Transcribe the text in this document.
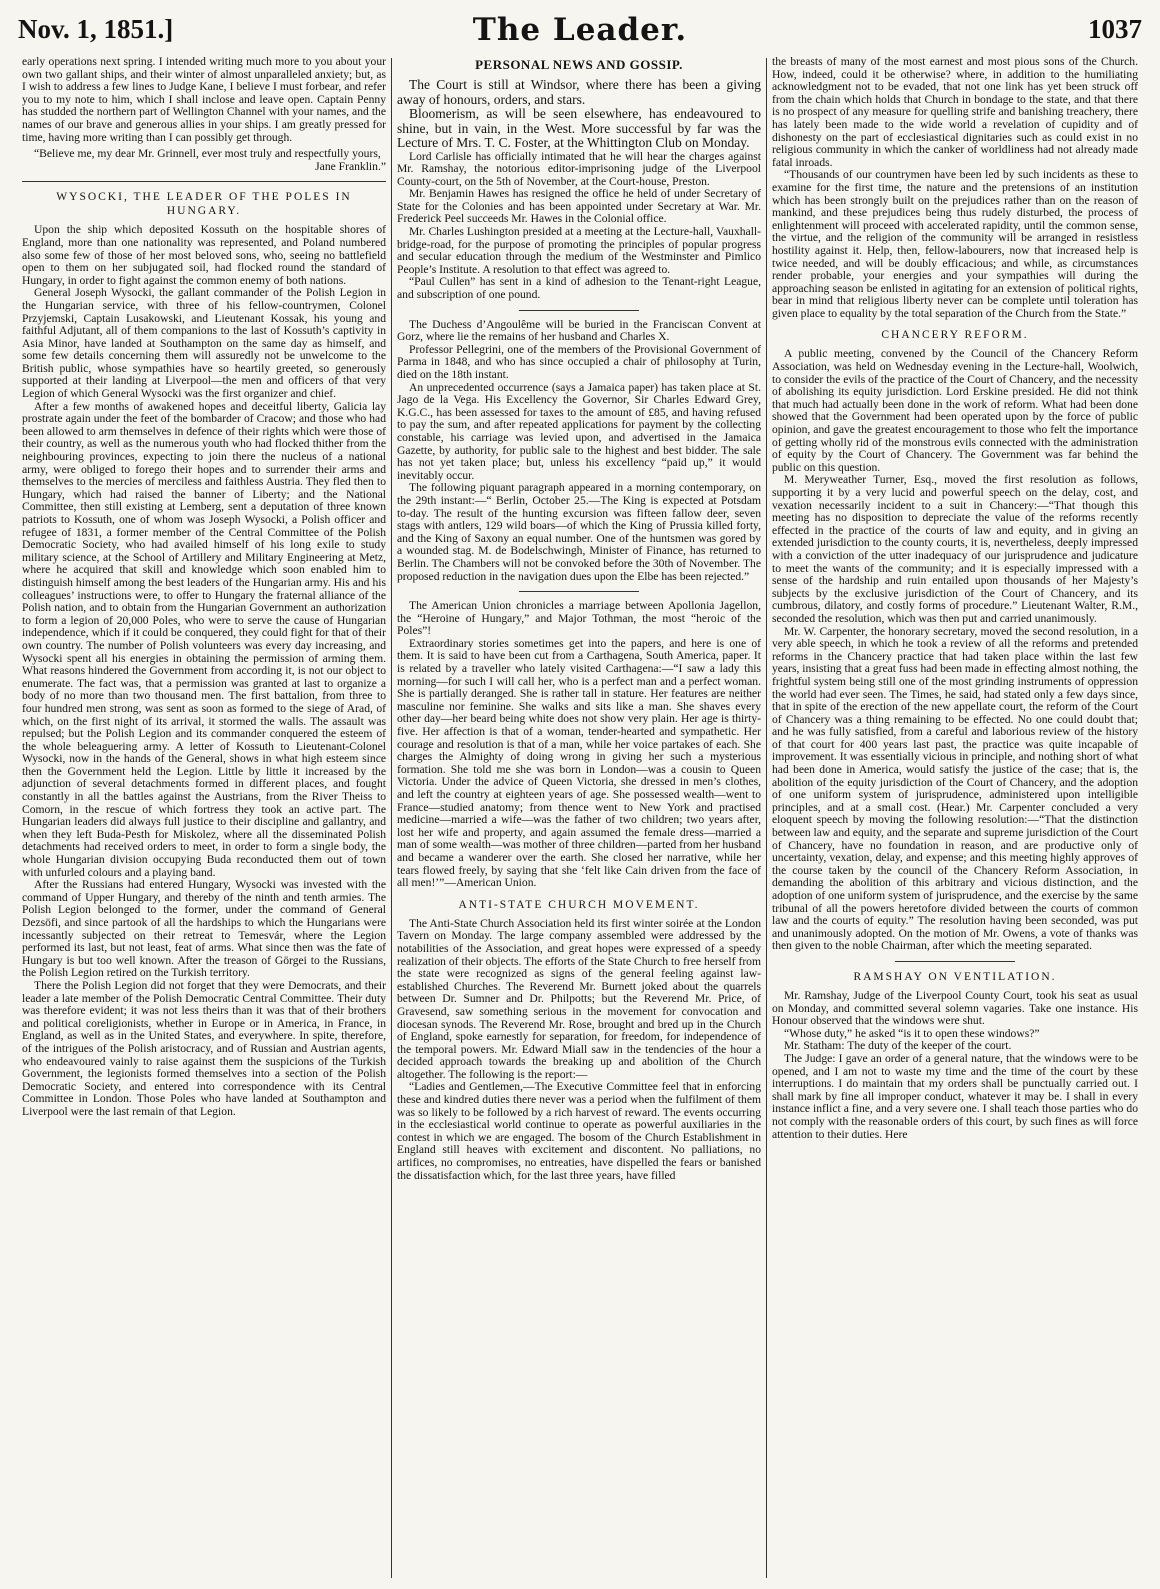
Nov. 1, 1851.]	The Leader.	1037

early operations next spring. I intended writing much more to you about your own two gallant ships, and their winter of almost unparalleled anxiety; but, as I wish to address a few lines to Judge Kane, I believe I must forbear, and refer you to my note to him, which I shall inclose and leave open. Captain Penny has studded the northern part of Wellington Channel with your names, and the names of our brave and generous allies in your ships. I am greatly pressed for time, having more writing than I can possibly get through.

“Believe me, my dear Mr. Grinnell, ever most truly and respectfully yours,

Jane Franklin.”

WYSOCKI, THE LEADER OF THE POLES IN HUNGARY.

Upon the ship which deposited Kossuth on the hospitable shores of England, more than one nationality was represented, and Poland numbered also some few of those of her most beloved sons, who, seeing no battlefield open to them on her subjugated soil, had flocked round the standard of Hungary, in order to fight against the common enemy of both nations.

General Joseph Wysocki, the gallant commander of the Polish Legion in the Hungarian service, with three of his fellow-countrymen, Colonel Przyjemski, Captain Lusakowski, and Lieutenant Kossak, his young and faithful Adjutant, all of them companions to the last of Kossuth’s captivity in Asia Minor, have landed at Southampton on the same day as himself, and some few details concerning them will assuredly not be unwelcome to the British public, whose sympathies have so heartily greeted, so generously supported at their landing at Liverpool—the men and officers of that very Legion of which General Wysocki was the first organizer and chief.

After a few months of awakened hopes and deceitful liberty, Galicia lay prostrate again under the feet of the bombarder of Cracow; and those who had been allowed to arm themselves in defence of their rights which were those of their country, as well as the numerous youth who had flocked thither from the neighbouring provinces, expecting to join there the nucleus of a national army, were obliged to forego their hopes and to surrender their arms and themselves to the mercies of merciless and faithless Austria. They fled then to Hungary, which had raised the banner of Liberty; and the National Committee, then still existing at Lemberg, sent a deputation of three known patriots to Kossuth, one of whom was Joseph Wysocki, a Polish officer and refugee of 1831, a former member of the Central Committee of the Polish Democratic Society, who had availed himself of his long exile to study military science, at the School of Artillery and Military Engineering at Metz, where he acquired that skill and knowledge which soon enabled him to distinguish himself among the best leaders of the Hungarian army. His and his colleagues’ instructions were, to offer to Hungary the fraternal alliance of the Polish nation, and to obtain from the Hungarian Government an authorization to form a legion of 20,000 Poles, who were to serve the cause of Hungarian independence, which if it could be conquered, they could fight for that of their own country. The number of Polish volunteers was every day increasing, and Wysocki spent all his energies in obtaining the permission of arming them. What reasons hindered the Government from according it, is not our object to enumerate. The fact was, that a permission was granted at last to organize a body of no more than two thousand men. The first battalion, from three to four hundred men strong, was sent as soon as formed to the siege of Arad, of which, on the first night of its arrival, it stormed the walls. The assault was repulsed; but the Polish Legion and its commander conquered the esteem of the whole beleaguering army. A letter of Kossuth to Lieutenant-Colonel Wysocki, now in the hands of the General, shows in what high esteem since then the Government held the Legion. Little by little it increased by the adjunction of several detachments formed in different places, and fought constantly in all the battles against the Austrians, from the River Theiss to Comorn, in the rescue of which fortress they took an active part. The Hungarian leaders did always full justice to their discipline and gallantry, and when they left Buda-Pesth for Miskolez, where all the disseminated Polish detachments had received orders to meet, in order to form a single body, the whole Hungarian division occupying Buda reconducted them out of town with unfurled colours and a playing band.

After the Russians had entered Hungary, Wysocki was invested with the command of Upper Hungary, and thereby of the ninth and tenth armies. The Polish Legion belonged to the former, under the command of General Dezsöfi, and since partook of all the hardships to which the Hungarians were incessantly subjected on their retreat to Temesvár, where the Legion performed its last, but not least, feat of arms. What since then was the fate of Hungary is but too well known. After the treason of Görgei to the Russians, the Polish Legion retired on the Turkish territory.

There the Polish Legion did not forget that they were Democrats, and their leader a late member of the Polish Democratic Central Committee. Their duty was therefore evident; it was not less theirs than it was that of their brothers and political coreligionists, whether in Europe or in America, in France, in England, as well as in the United States, and everywhere. In spite, therefore, of the intrigues of the Polish aristocracy, and of Russian and Austrian agents, who endeavoured vainly to raise against them the suspicions of the Turkish Government, the legionists formed themselves into a section of the Polish Democratic Society, and entered into correspondence with its Central Committee in London. Those Poles who have landed at Southampton and Liverpool were the last remain of that Legion.

PERSONAL NEWS AND GOSSIP.

The Court is still at Windsor, where there has been a giving away of honours, orders, and stars.

Bloomerism, as will be seen elsewhere, has endeavoured to shine, but in vain, in the West. More successful by far was the Lecture of Mrs. T. C. Foster, at the Whittington Club on Monday.

Lord Carlisle has officially intimated that he will hear the charges against Mr. Ramshay, the notorious editor-imprisoning judge of the Liverpool County-court, on the 5th of November, at the Court-house, Preston.

Mr. Benjamin Hawes has resigned the office he held of under Secretary of State for the Colonies and has been appointed under Secretary at War. Mr. Frederick Peel succeeds Mr. Hawes in the Colonial office.

Mr. Charles Lushington presided at a meeting at the Lecture-hall, Vauxhall-bridge-road, for the purpose of promoting the principles of popular progress and secular education through the medium of the Westminster and Pimlico People’s Institute. A resolution to that effect was agreed to.

“Paul Cullen” has sent in a kind of adhesion to the Tenant-right League, and subscription of one pound.

The Duchess d’Angoulême will be buried in the Franciscan Convent at Gorz, where lie the remains of her husband and Charles X.

Professor Pellegrini, one of the members of the Provisional Government of Parma in 1848, and who has since occupied a chair of philosophy at Turin, died on the 18th instant.

An unprecedented occurrence (says a Jamaica paper) has taken place at St. Jago de la Vega. His Excellency the Governor, Sir Charles Edward Grey, K.G.C., has been assessed for taxes to the amount of £85, and having refused to pay the sum, and after repeated applications for payment by the collecting constable, his carriage was levied upon, and advertised in the Jamaica Gazette, by authority, for public sale to the highest and best bidder. The sale has not yet taken place; but, unless his excellency “paid up,” it would inevitably occur.

The following piquant paragraph appeared in a morning contemporary, on the 29th instant:—“ Berlin, October 25.—The King is expected at Potsdam to-day. The result of the hunting excursion was fifteen fallow deer, seven stags with antlers, 129 wild boars—of which the King of Prussia killed forty, and the King of Saxony an equal number. One of the huntsmen was gored by a wounded stag. M. de Bodelschwingh, Minister of Finance, has returned to Berlin. The Chambers will not be convoked before the 30th of November. The proposed reduction in the navigation dues upon the Elbe has been rejected.”

The American Union chronicles a marriage between Apollonia Jagellon, the “Heroine of Hungary,” and Major Tothman, the most “heroic of the Poles”!

Extraordinary stories sometimes get into the papers, and here is one of them. It is said to have been cut from a Carthagena, South America, paper. It is related by a traveller who lately visited Carthagena:—“I saw a lady this morning—for such I will call her, who is a perfect man and a perfect woman. She is partially deranged. She is rather tall in stature. Her features are neither masculine nor feminine. She walks and sits like a man. She shaves every other day—her beard being white does not show very plain. Her age is thirty-five. Her affection is that of a woman, tender-hearted and sympathetic. Her courage and resolution is that of a man, while her voice partakes of each. She charges the Almighty of doing wrong in giving her such a mysterious formation. She told me she was born in London—was a cousin to Queen Victoria. Under the advice of Queen Victoria, she dressed in men’s clothes, and left the country at eighteen years of age. She possessed wealth—went to France—studied anatomy; from thence went to New York and practised medicine—married a wife—was the father of two children; two years after, lost her wife and property, and again assumed the female dress—married a man of some wealth—was mother of three children—parted from her husband and became a wanderer over the earth. She closed her narrative, while her tears flowed freely, by saying that she ‘felt like Cain driven from the face of all men!’”—American Union.

ANTI-STATE CHURCH MOVEMENT.

The Anti-State Church Association held its first winter soirée at the London Tavern on Monday. The large company assembled were addressed by the notabilities of the Association, and great hopes were expressed of a speedy realization of their objects. The efforts of the State Church to free herself from the state were recognized as signs of the general feeling against law-established Churches. The Reverend Mr. Burnett joked about the quarrels between Dr. Sumner and Dr. Philpotts; but the Reverend Mr. Price, of Gravesend, saw something serious in the movement for convocation and diocesan synods. The Reverend Mr. Rose, brought and bred up in the Church of England, spoke earnestly for separation, for freedom, for independence of the temporal powers. Mr. Edward Miall saw in the tendencies of the hour a decided approach towards the breaking up and abolition of the Church altogether. The following is the report:—

“Ladies and Gentlemen,—The Executive Committee feel that in enforcing these and kindred duties there never was a period when the fulfilment of them was so likely to be followed by a rich harvest of reward. The events occurring in the ecclesiastical world continue to operate as powerful auxiliaries in the contest in which we are engaged. The bosom of the Church Establishment in England still heaves with excitement and discontent. No palliations, no artifices, no compromises, no entreaties, have dispelled the fears or banished the dissatisfaction which, for the last three years, have filled

the breasts of many of the most earnest and most pious sons of the Church. How, indeed, could it be otherwise? where, in addition to the humiliating acknowledgment not to be evaded, that not one link has yet been struck off from the chain which holds that Church in bondage to the state, and that there is no prospect of any measure for quelling strife and banishing treachery, there has lately been made to the wide world a revelation of cupidity and of dishonesty on the part of ecclesiastical dignitaries such as could exist in no religious community in which the canker of worldliness had not already made fatal inroads.

“Thousands of our countrymen have been led by such incidents as these to examine for the first time, the nature and the pretensions of an institution which has been strongly built on the prejudices rather than on the reason of mankind, and these prejudices being thus rudely disturbed, the process of enlightenment will proceed with accelerated rapidity, until the common sense, the virtue, and the religion of the community will be arranged in resistless hostility against it. Help, then, fellow-labourers, now that increased help is twice needed, and will be doubly efficacious; and while, as circumstances render probable, your energies and your sympathies will during the approaching season be enlisted in agitating for an extension of political rights, bear in mind that religious liberty never can be complete until toleration has given place to equality by the total separation of the Church from the State.”

CHANCERY REFORM.

A public meeting, convened by the Council of the Chancery Reform Association, was held on Wednesday evening in the Lecture-hall, Woolwich, to consider the evils of the practice of the Court of Chancery, and the necessity of abolishing its equity jurisdiction. Lord Erskine presided. He did not think that much had actually been done in the work of reform. What had been done showed that the Government had been operated upon by the force of public opinion, and gave the greatest encouragement to those who felt the importance of getting wholly rid of the monstrous evils connected with the administration of equity by the Court of Chancery. The Government was far behind the public on this question.

M. Meryweather Turner, Esq., moved the first resolution as follows, supporting it by a very lucid and powerful speech on the delay, cost, and vexation necessarily incident to a suit in Chancery:—“That though this meeting has no disposition to depreciate the value of the reforms recently effected in the practice of the courts of law and equity, and in giving an extended jurisdiction to the county courts, it is, nevertheless, deeply impressed with a conviction of the utter inadequacy of our jurisprudence and judicature to meet the wants of the community; and it is especially impressed with a sense of the hardship and ruin entailed upon thousands of her Majesty’s subjects by the exclusive jurisdiction of the Court of Chancery, and its cumbrous, dilatory, and costly forms of procedure.” Lieutenant Walter, R.M., seconded the resolution, which was then put and carried unanimously.

Mr. W. Carpenter, the honorary secretary, moved the second resolution, in a very able speech, in which he took a review of all the reforms and pretended reforms in the Chancery practice that had taken place within the last few years, insisting that a great fuss had been made in effecting almost nothing, the frightful system being still one of the most grinding instruments of oppression the world had ever seen. The Times, he said, had stated only a few days since, that in spite of the erection of the new appellate court, the reform of the Court of Chancery was a thing remaining to be effected. No one could doubt that; and he was fully satisfied, from a careful and laborious review of the history of that court for 400 years last past, the practice was quite incapable of improvement. It was essentially vicious in principle, and nothing short of what had been done in America, would satisfy the justice of the case; that is, the abolition of the equity jurisdiction of the Court of Chancery, and the adoption of one uniform system of jurisprudence, administered upon intelligible principles, and at a small cost. (Hear.) Mr. Carpenter concluded a very eloquent speech by moving the following resolution:—“That the distinction between law and equity, and the separate and supreme jurisdiction of the Court of Chancery, have no foundation in reason, and are productive only of uncertainty, vexation, delay, and expense; and this meeting highly approves of the course taken by the council of the Chancery Reform Association, in demanding the abolition of this arbitrary and vicious distinction, and the adoption of one uniform system of jurisprudence, and the exercise by the same tribunal of all the powers heretofore divided between the courts of common law and the courts of equity.” The resolution having been seconded, was put and unanimously adopted. On the motion of Mr. Owens, a vote of thanks was then given to the noble Chairman, after which the meeting separated.

RAMSHAY ON VENTILATION.

Mr. Ramshay, Judge of the Liverpool County Court, took his seat as usual on Monday, and committed several solemn vagaries. Take one instance. His Honour observed that the windows were shut.

“Whose duty,” he asked “is it to open these windows?”

Mr. Statham: The duty of the keeper of the court.

The Judge: I gave an order of a general nature, that the windows were to be opened, and I am not to waste my time and the time of the court by these interruptions. I do maintain that my orders shall be punctually carried out. I shall mark by fine all improper conduct, whatever it may be. I shall in every instance inflict a fine, and a very severe one. I shall teach those parties who do not comply with the reasonable orders of this court, by such fines as will force attention to their duties. Here
